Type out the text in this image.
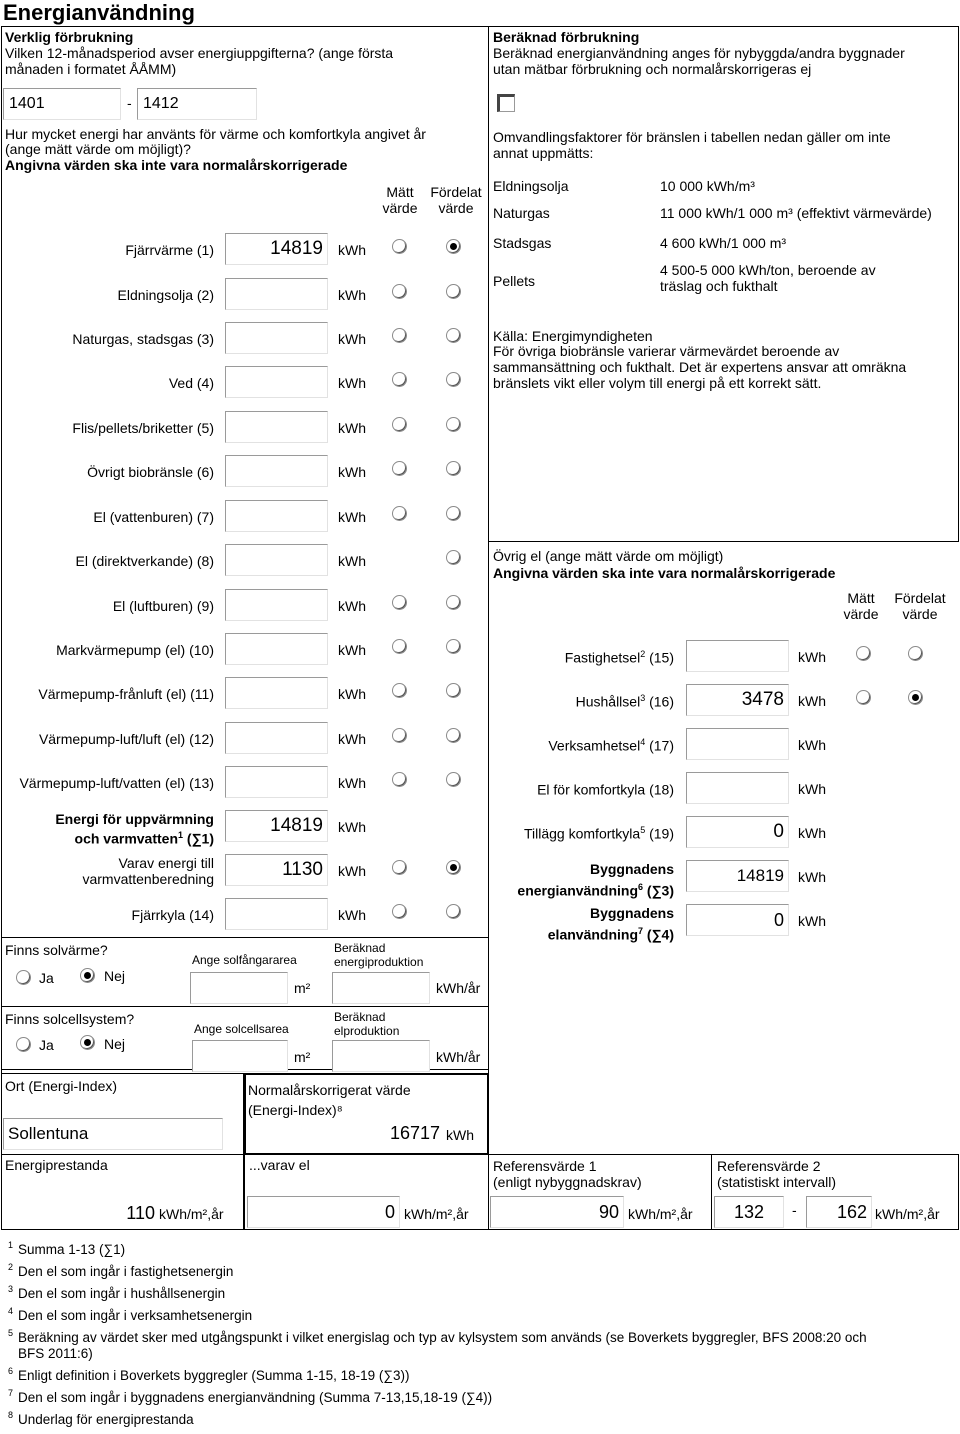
Energianvändning
Verklig förbrukning
Vilken 12-månadsperiod avser energiuppgifterna? (ange första månaden i formatet ÅÅMM)
1401	- 1412
Hur mycket energi har använts för värme och komfortkyla angivet år (ange mätt värde om möjligt)?
Angivna värden ska inte vara normalårskorrigerade
Mätt
värde
Fördelat
värde
Fjärrvärme (1)	14819	kWh
Eldningsolja (2)	kWh
Naturgas, stadsgas (3)	kWh
Ved (4)	kWh
Flis/pellets/briketter (5)	kWh
Övrigt biobränsle (6)	kWh
El (vattenburen) (7)	kWh
El (direktverkande) (8)	kWh
El (luftburen) (9)	kWh
Markvärmepump (el) (10)	kWh
Värmepump-frånluft (el) (11)	kWh
Värmepump-luft/luft (el) (12)	kWh
Värmepump-luft/vatten (el) (13)	kWh
Energi för uppvärmning
och varmvatten$^1$ (∑1)
14819	kWh
Varav energi till
varmvattenberedning	1130	kWh
Fjärrkyla (14)	kWh
Finns solvärme?
Ja	Nej
Ange solfångararea
m²
Beräknad
energiproduktion
kWh/år
Finns solcellsystem?
Ja	Nej
Ange solcellsarea
m²
Beräknad
elproduktion
kWh/år
Ort (Energi-Index)
Sollentuna
Normalårskorrigerat värde
(Energi-Index)⁸
16717 kWh
Energiprestanda
110 kWh/m²,år
...varav el
0 kWh/m²,år
Referensvärde 1
(enligt nybyggnadskrav)
90 kWh/m²,år
Referensvärde 2
(statistiskt intervall)
132	-	162 kWh/m²,år
Beräknad förbrukning
Beräknad energianvändning anges för nybyggda/andra byggnader utan mätbar förbrukning och normalårskorrigeras ej
Omvandlingsfaktorer för bränslen i tabellen nedan gäller om inte annat uppmätts:
Eldningsolja	10 000 kWh/m³
Naturgas	11 000 kWh/1 000 m³ (effektivt värmevärde)
Stadsgas	4 600 kWh/1 000 m³
Pellets
4 500-5 000 kWh/ton, beroende av träslag och fukthalt
Källa: Energimyndigheten
För övriga biobränsle varierar värmevärdet beroende av sammansättning och fukthalt. Det är expertens ansvar att omräkna bränslets vikt eller volym till energi på ett korrekt sätt.
Övrig el (ange mätt värde om möjligt)
Angivna värden ska inte vara normalårskorrigerade
Mätt
värde
Fördelat
värde
Fastighetsel$^2$ (15)	kWh
Hushållsel$^3$ (16)	3478	kWh
Verksamhetsel$^4$ (17)	kWh
El för komfortkyla (18)	kWh
Tillägg komfortkyla$^5$ (19)	0	kWh
Byggnadens
energianvändning$^6$ (∑3)
14819	kWh
Byggnadens
elanvändning$^7$ (∑4)
0	kWh
1 Summa 1-13 (∑1)
2 Den el som ingår i fastighetsenergin
3 Den el som ingår i hushållsenergin
4 Den el som ingår i verksamhetsenergin
5 Beräkning av värdet sker med utgångspunkt i vilket energislag och typ av kylsystem som används (se Boverkets byggregler, BFS 2008:20 och BFS 2011:6)
6 Enligt definition i Boverkets byggregler (Summa 1-15, 18-19 (∑3))
7 Den el som ingår i byggnadens energianvändning (Summa 7-13,15,18-19 (∑4))
8 Underlag för energiprestanda
